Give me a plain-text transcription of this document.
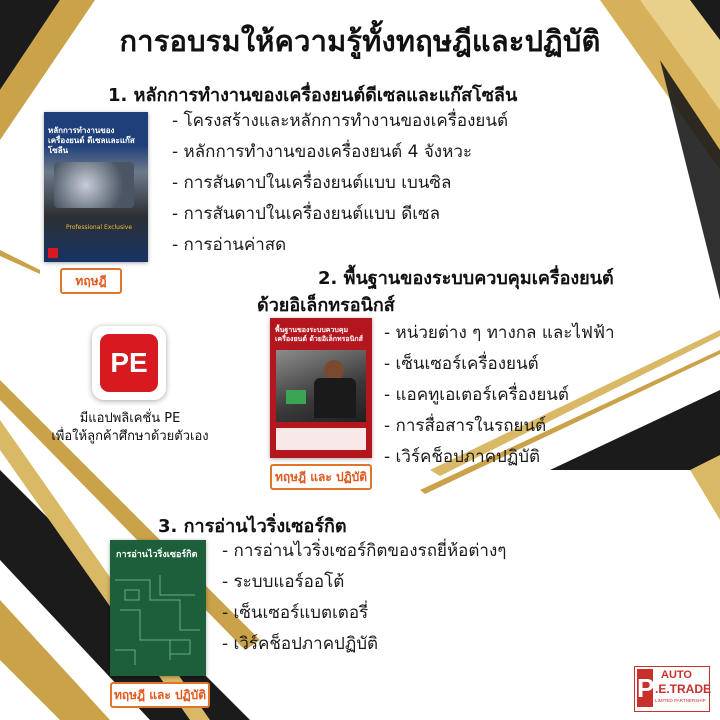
การอบรมให้ความรู้ทั้งทฤษฎีและปฏิบัติ
1. หลักการทำงานของเครื่องยนต์ดีเซลและแก๊สโซลีน
หลักการทำงานของเครื่องยนต์ ดีเซลและแก๊สโซลีน
Professional Exclusive
ทฤษฎี
- โครงสร้างและหลักการทำงานของเครื่องยนต์
- หลักการทำงานของเครื่องยนต์ 4 จังหวะ
- การสันดาปในเครื่องยนต์แบบ เบนซิล
- การสันดาปในเครื่องยนต์แบบ ดีเซล
- การอ่านค่าสด
2. พื้นฐานของระบบควบคุมเครื่องยนต์
ด้วยอิเล็กทรอนิกส์
พื้นฐานของระบบควบคุมเครื่องยนต์ ด้วยอิเล็กทรอนิกส์
ทฤษฎี และ ปฏิบัติ
- หน่วยต่าง ๆ ทางกล และไฟฟ้า
- เซ็นเซอร์เครื่องยนต์
- แอคทูเอเตอร์เครื่องยนต์
- การสื่อสารในรถยนต์
- เวิร์คช็อปภาคปฏิบัติ
PE
มีแอปพลิเคชั่น PE
เพื่อให้ลูกค้าศึกษาด้วยตัวเอง
3. การอ่านไวริ่งเซอร์กิต
การอ่านไวริ่งเซอร์กิต
ทฤษฎี และ ปฏิบัติ
- การอ่านไวริ่งเซอร์กิตของรถยี่ห้อต่างๆ
- ระบบแอร์ออโต้
- เซ็นเซอร์แบตเตอรี่
- เวิร์คช็อปภาคปฏิบัติ
P AUTO
.E.TRADE
LIMITED PARTNERSHIP
